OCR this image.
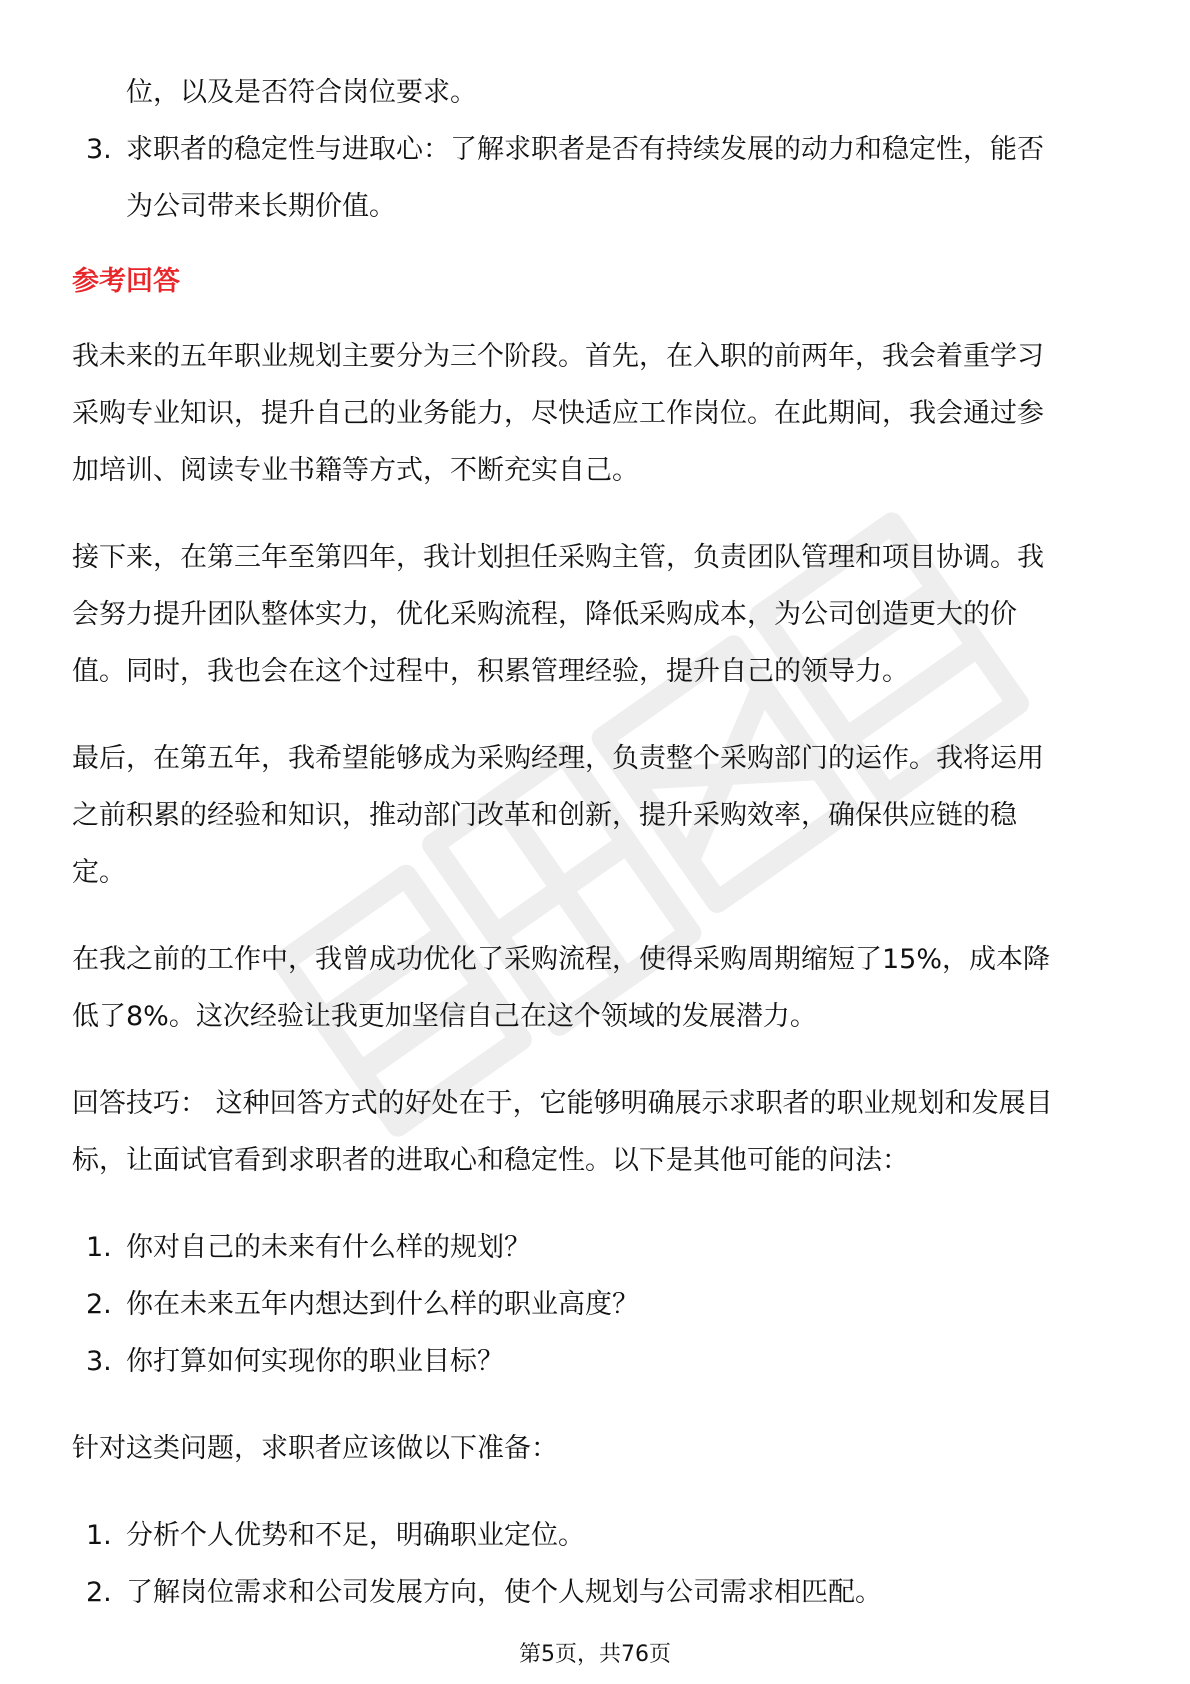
位，以及是否符合岗位要求。
3. 求职者的稳定性与进取心：了解求职者是否有持续发展的动力和稳定性，能否
为公司带来长期价值。
参考回答
我未来的五年职业规划主要分为三个阶段。首先，在入职的前两年，我会着重学习
采购专业知识，提升自己的业务能力，尽快适应工作岗位。在此期间，我会通过参
加培训、阅读专业书籍等方式，不断充实自己。
接下来，在第三年至第四年，我计划担任采购主管，负责团队管理和项目协调。我
会努力提升团队整体实力，优化采购流程，降低采购成本，为公司创造更大的价
值。同时，我也会在这个过程中，积累管理经验，提升自己的领导力。
最后，在第五年，我希望能够成为采购经理，负责整个采购部门的运作。我将运用
之前积累的经验和知识，推动部门改革和创新，提升采购效率，确保供应链的稳
定。
在我之前的工作中，我曾成功优化了采购流程，使得采购周期缩短了15%，成本降
低了8%。这次经验让我更加坚信自己在这个领域的发展潜力。
回答技巧： 这种回答方式的好处在于，它能够明确展示求职者的职业规划和发展目
标，让面试官看到求职者的进取心和稳定性。以下是其他可能的问法：
1. 你对自己的未来有什么样的规划？
2. 你在未来五年内想达到什么样的职业高度？
3. 你打算如何实现你的职业目标？
针对这类问题，求职者应该做以下准备：
1. 分析个人优势和不足，明确职业定位。
2. 了解岗位需求和公司发展方向，使个人规划与公司需求相匹配。
第5页，共76页
